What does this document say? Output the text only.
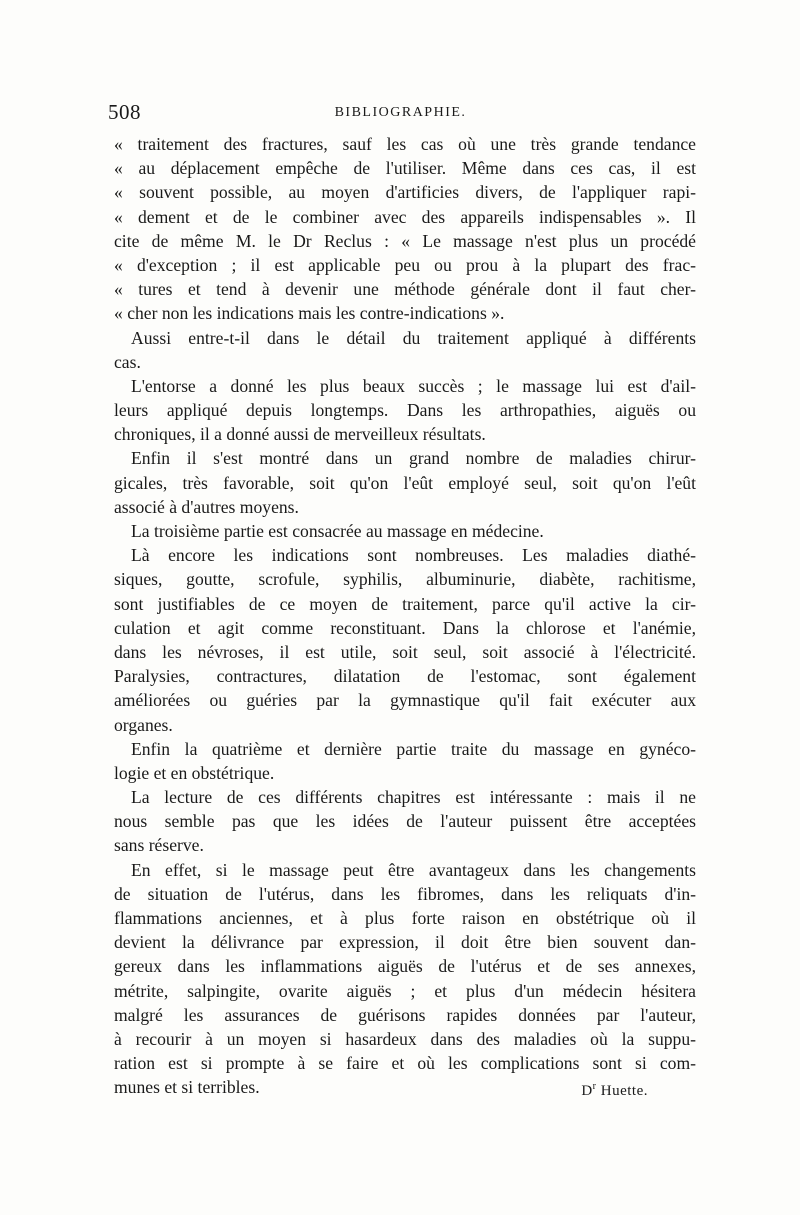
508	BIBLIOGRAPHIE.
« traitement des fractures, sauf les cas où une très grande tendance
« au déplacement empêche de l'utiliser. Même dans ces cas, il est
« souvent possible, au moyen d'artificies divers, de l'appliquer rapi-
« dement et de le combiner avec des appareils indispensables ». Il
cite de même M. le Dr Reclus : « Le massage n'est plus un procédé
« d'exception ; il est applicable peu ou prou à la plupart des frac-
« tures et tend à devenir une méthode générale dont il faut cher-
« cher non les indications mais les contre-indications ».
Aussi entre-t-il dans le détail du traitement appliqué à différents
cas.
L'entorse a donné les plus beaux succès ; le massage lui est d'ail-
leurs appliqué depuis longtemps. Dans les arthropathies, aiguës ou
chroniques, il a donné aussi de merveilleux résultats.
Enfin il s'est montré dans un grand nombre de maladies chirur-
gicales, très favorable, soit qu'on l'eût employé seul, soit qu'on l'eût
associé à d'autres moyens.
La troisième partie est consacrée au massage en médecine.
Là encore les indications sont nombreuses. Les maladies diathé-
siques, goutte, scrofule, syphilis, albuminurie, diabète, rachitisme,
sont justifiables de ce moyen de traitement, parce qu'il active la cir-
culation et agit comme reconstituant. Dans la chlorose et l'anémie,
dans les névroses, il est utile, soit seul, soit associé à l'électricité.
Paralysies, contractures, dilatation de l'estomac, sont également
améliorées ou guéries par la gymnastique qu'il fait exécuter aux
organes.
Enfin la quatrième et dernière partie traite du massage en gynéco-
logie et en obstétrique.
La lecture de ces différents chapitres est intéressante : mais il ne
nous semble pas que les idées de l'auteur puissent être acceptées
sans réserve.
En effet, si le massage peut être avantageux dans les changements
de situation de l'utérus, dans les fibromes, dans les reliquats d'in-
flammations anciennes, et à plus forte raison en obstétrique où il
devient la délivrance par expression, il doit être bien souvent dan-
gereux dans les inflammations aiguës de l'utérus et de ses annexes,
métrite, salpingite, ovarite aiguës ; et plus d'un médecin hésitera
malgré les assurances de guérisons rapides données par l'auteur,
à recourir à un moyen si hasardeux dans des maladies où la suppu-
ration est si prompte à se faire et où les complications sont si com-
munes et si terribles.	$D^r$ Huette.
